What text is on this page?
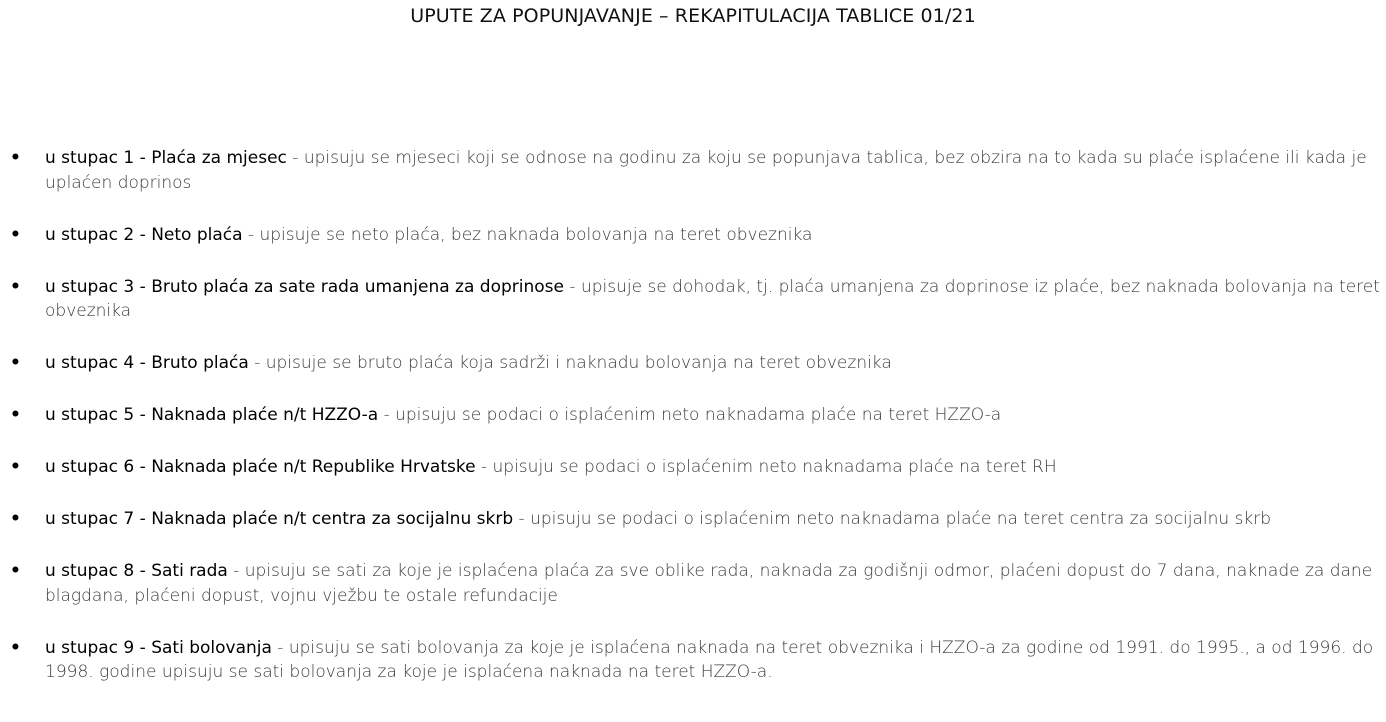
UPUTE ZA POPUNJAVANJE – REKAPITULACIJA TABLICE 01/21
• u stupac 1 - Plaća za mjesec - upisuju se mjeseci koji se odnose na godinu za koju se popunjava tablica, bez obzira na to kada su plaće isplaćene ili kada je uplaćen doprinos
• u stupac 2 - Neto plaća - upisuje se neto plaća, bez naknada bolovanja na teret obveznika
• u stupac 3 - Bruto plaća za sate rada umanjena za doprinose - upisuje se dohodak, tj. plaća umanjena za doprinose iz plaće, bez naknada bolovanja na teret obveznika
• u stupac 4 - Bruto plaća - upisuje se bruto plaća koja sadrži i naknadu bolovanja na teret obveznika
• u stupac 5 - Naknada plaće n/t HZZO-a - upisuju se podaci o isplaćenim neto naknadama plaće na teret HZZO-a
• u stupac 6 - Naknada plaće n/t Republike Hrvatske - upisuju se podaci o isplaćenim neto naknadama plaće na teret RH
• u stupac 7 - Naknada plaće n/t centra za socijalnu skrb - upisuju se podaci o isplaćenim neto naknadama plaće na teret centra za socijalnu skrb
• u stupac 8 - Sati rada - upisuju se sati za koje je isplaćena plaća za sve oblike rada, naknada za godišnji odmor, plaćeni dopust do 7 dana, naknade za dane blagdana, plaćeni dopust, vojnu vježbu te ostale refundacije
• u stupac 9 - Sati bolovanja - upisuju se sati bolovanja za koje je isplaćena naknada na teret obveznika i HZZO-a za godine od 1991. do 1995., a od 1996. do 1998. godine upisuju se sati bolovanja za koje je isplaćena naknada na teret HZZO-a.
